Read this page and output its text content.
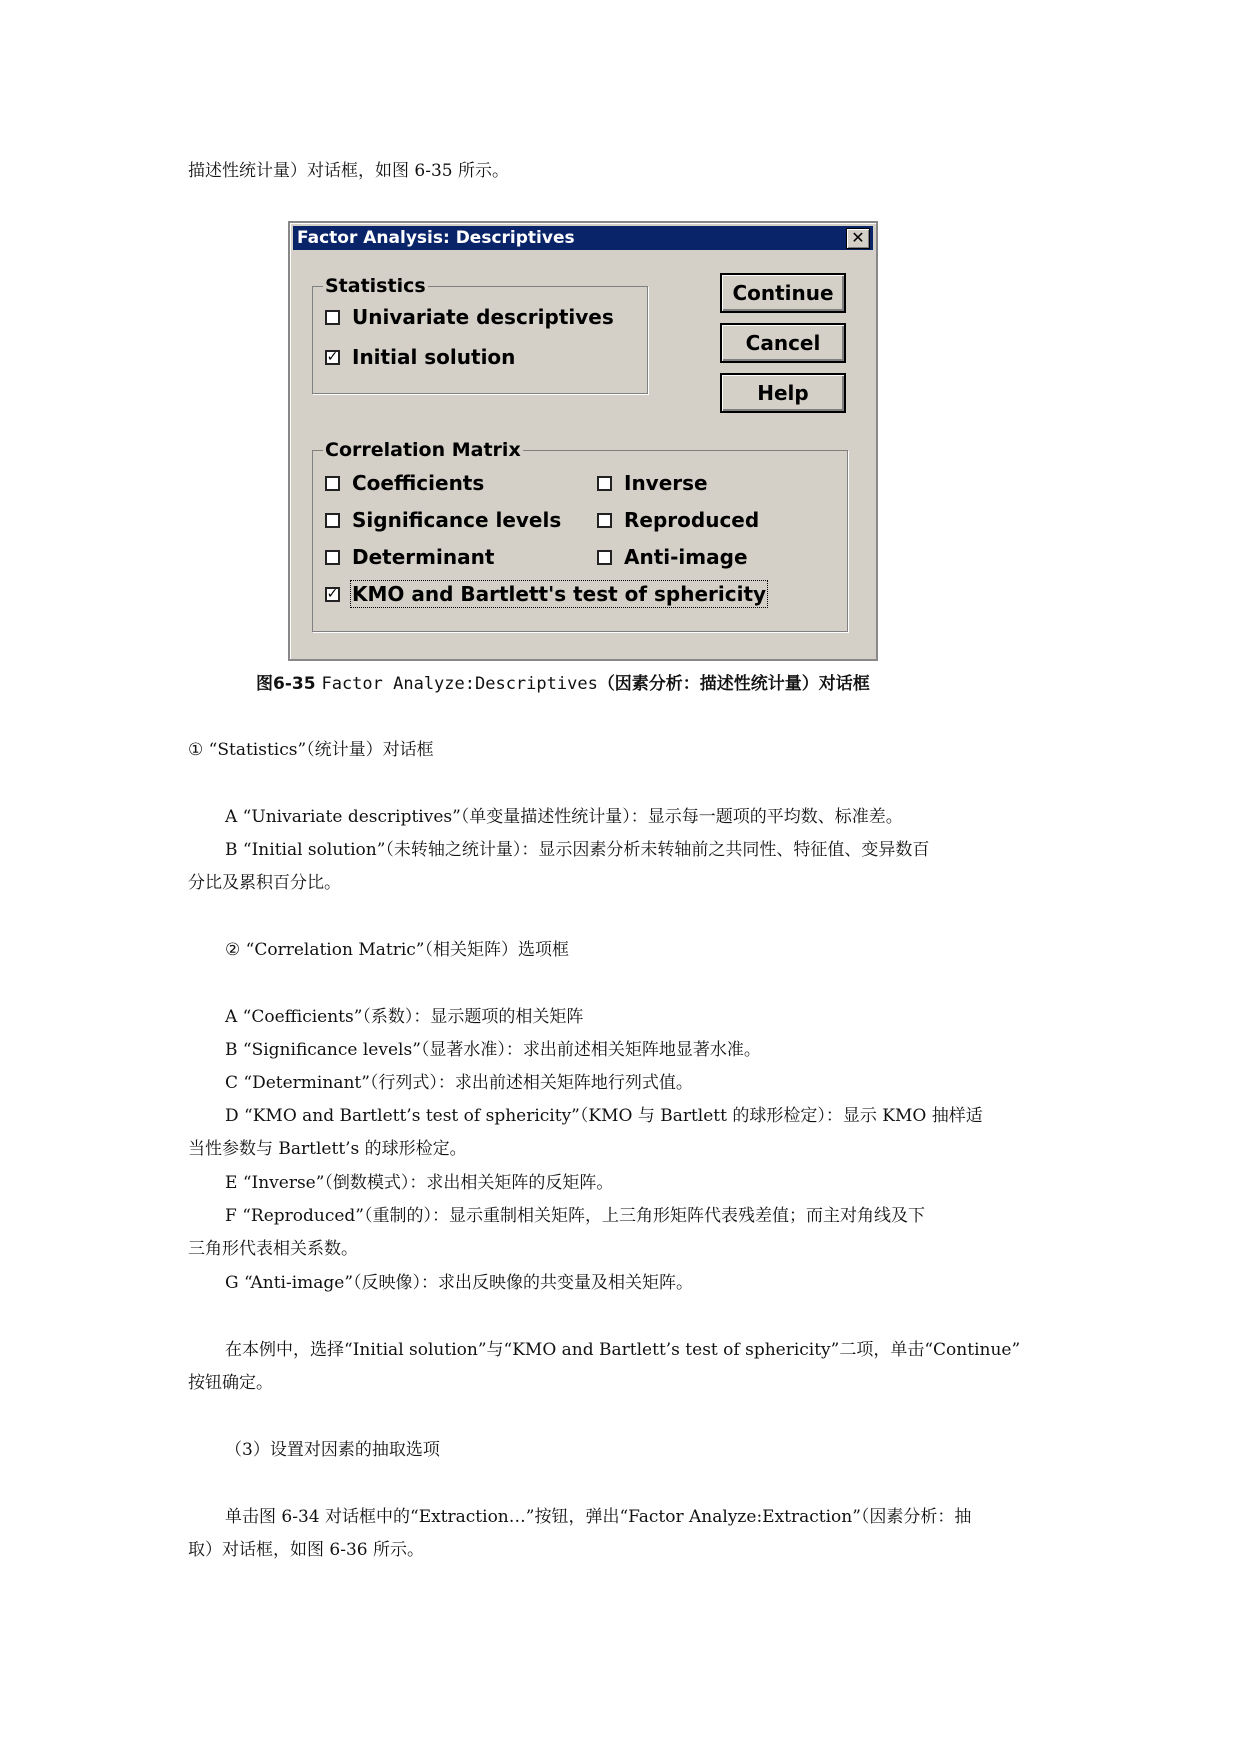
描述性统计量）对话框，如图 6-35 所示。
Factor Analysis: Descriptives	✕
Statistics
Univariate descriptives
✓ Initial solution
Continue
Cancel
Help
Correlation Matrix
Coefficients
Significance levels
Determinant
✓ KMO and Bartlett's test of sphericity
Inverse
Reproduced
Anti-image
图6-35 Factor Analyze:Descriptives（因素分析：描述性统计量）对话框
① “Statistics”（统计量）对话框
A “Univariate descriptives”（单变量描述性统计量）：显示每一题项的平均数、标准差。
B “Initial solution”（未转轴之统计量）：显示因素分析未转轴前之共同性、特征值、变异数百
分比及累积百分比。
② “Correlation Matric”（相关矩阵）选项框
A “Coefficients”（系数）：显示题项的相关矩阵
B “Significance levels”（显著水准）：求出前述相关矩阵地显著水准。
C “Determinant”（行列式）：求出前述相关矩阵地行列式值。
D “KMO and Bartlett’s test of sphericity”（KMO 与 Bartlett 的球形检定）：显示 KMO 抽样适
当性参数与 Bartlett’s 的球形检定。
E “Inverse”（倒数模式）：求出相关矩阵的反矩阵。
F “Reproduced”（重制的）：显示重制相关矩阵，上三角形矩阵代表残差值；而主对角线及下
三角形代表相关系数。
G “Anti-image”（反映像）：求出反映像的共变量及相关矩阵。
在本例中，选择“Initial solution”与“KMO and Bartlett’s test of sphericity”二项，单击“Continue”
按钮确定。
（3）设置对因素的抽取选项
单击图 6-34 对话框中的“Extraction…”按钮，弹出“Factor Analyze:Extraction”（因素分析：抽
取）对话框，如图 6-36 所示。
